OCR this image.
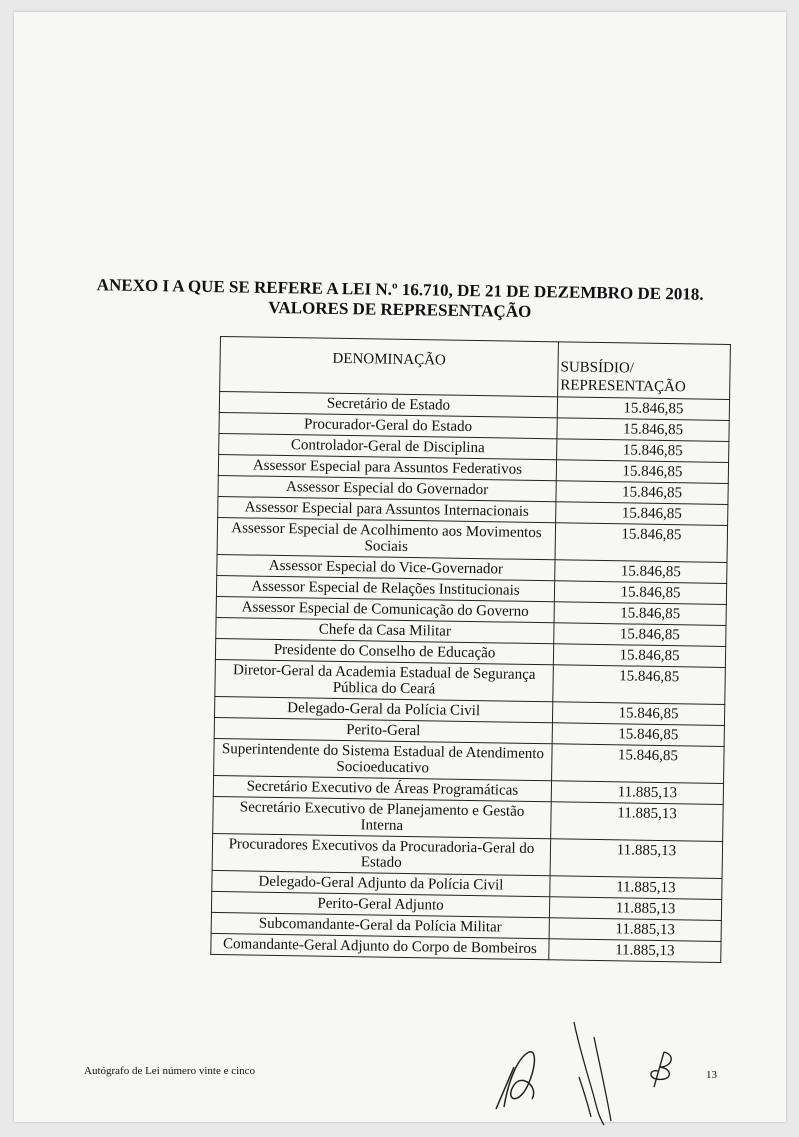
ANEXO I A QUE SE REFERE A LEI N.º 16.710, DE 21 DE DEZEMBRO DE 2018.
VALORES DE REPRESENTAÇÃO
DENOMINAÇÃO	SUBSÍDIO/
REPRESENTAÇÃO
Secretário de Estado	15.846,85
Procurador-Geral do Estado	15.846,85
Controlador-Geral de Disciplina	15.846,85
Assessor Especial para Assuntos Federativos	15.846,85
Assessor Especial do Governador	15.846,85
Assessor Especial para Assuntos Internacionais	15.846,85
Assessor Especial de Acolhimento aos Movimentos Sociais	15.846,85
Assessor Especial do Vice-Governador	15.846,85
Assessor Especial de Relações Institucionais	15.846,85
Assessor Especial de Comunicação do Governo	15.846,85
Chefe da Casa Militar	15.846,85
Presidente do Conselho de Educação	15.846,85
Diretor-Geral da Academia Estadual de Segurança Pública do Ceará	15.846,85
Delegado-Geral da Polícia Civil	15.846,85
Perito-Geral	15.846,85
Superintendente do Sistema Estadual de Atendimento Socioeducativo	15.846,85
Secretário Executivo de Áreas Programáticas	11.885,13
Secretário Executivo de Planejamento e Gestão Interna	11.885,13
Procuradores Executivos da Procuradoria-Geral do Estado	11.885,13
Delegado-Geral Adjunto da Polícia Civil	11.885,13
Perito-Geral Adjunto	11.885,13
Subcomandante-Geral da Polícia Militar	11.885,13
Comandante-Geral Adjunto do Corpo de Bombeiros	11.885,13
Autógrafo de Lei número vinte e cinco	13
